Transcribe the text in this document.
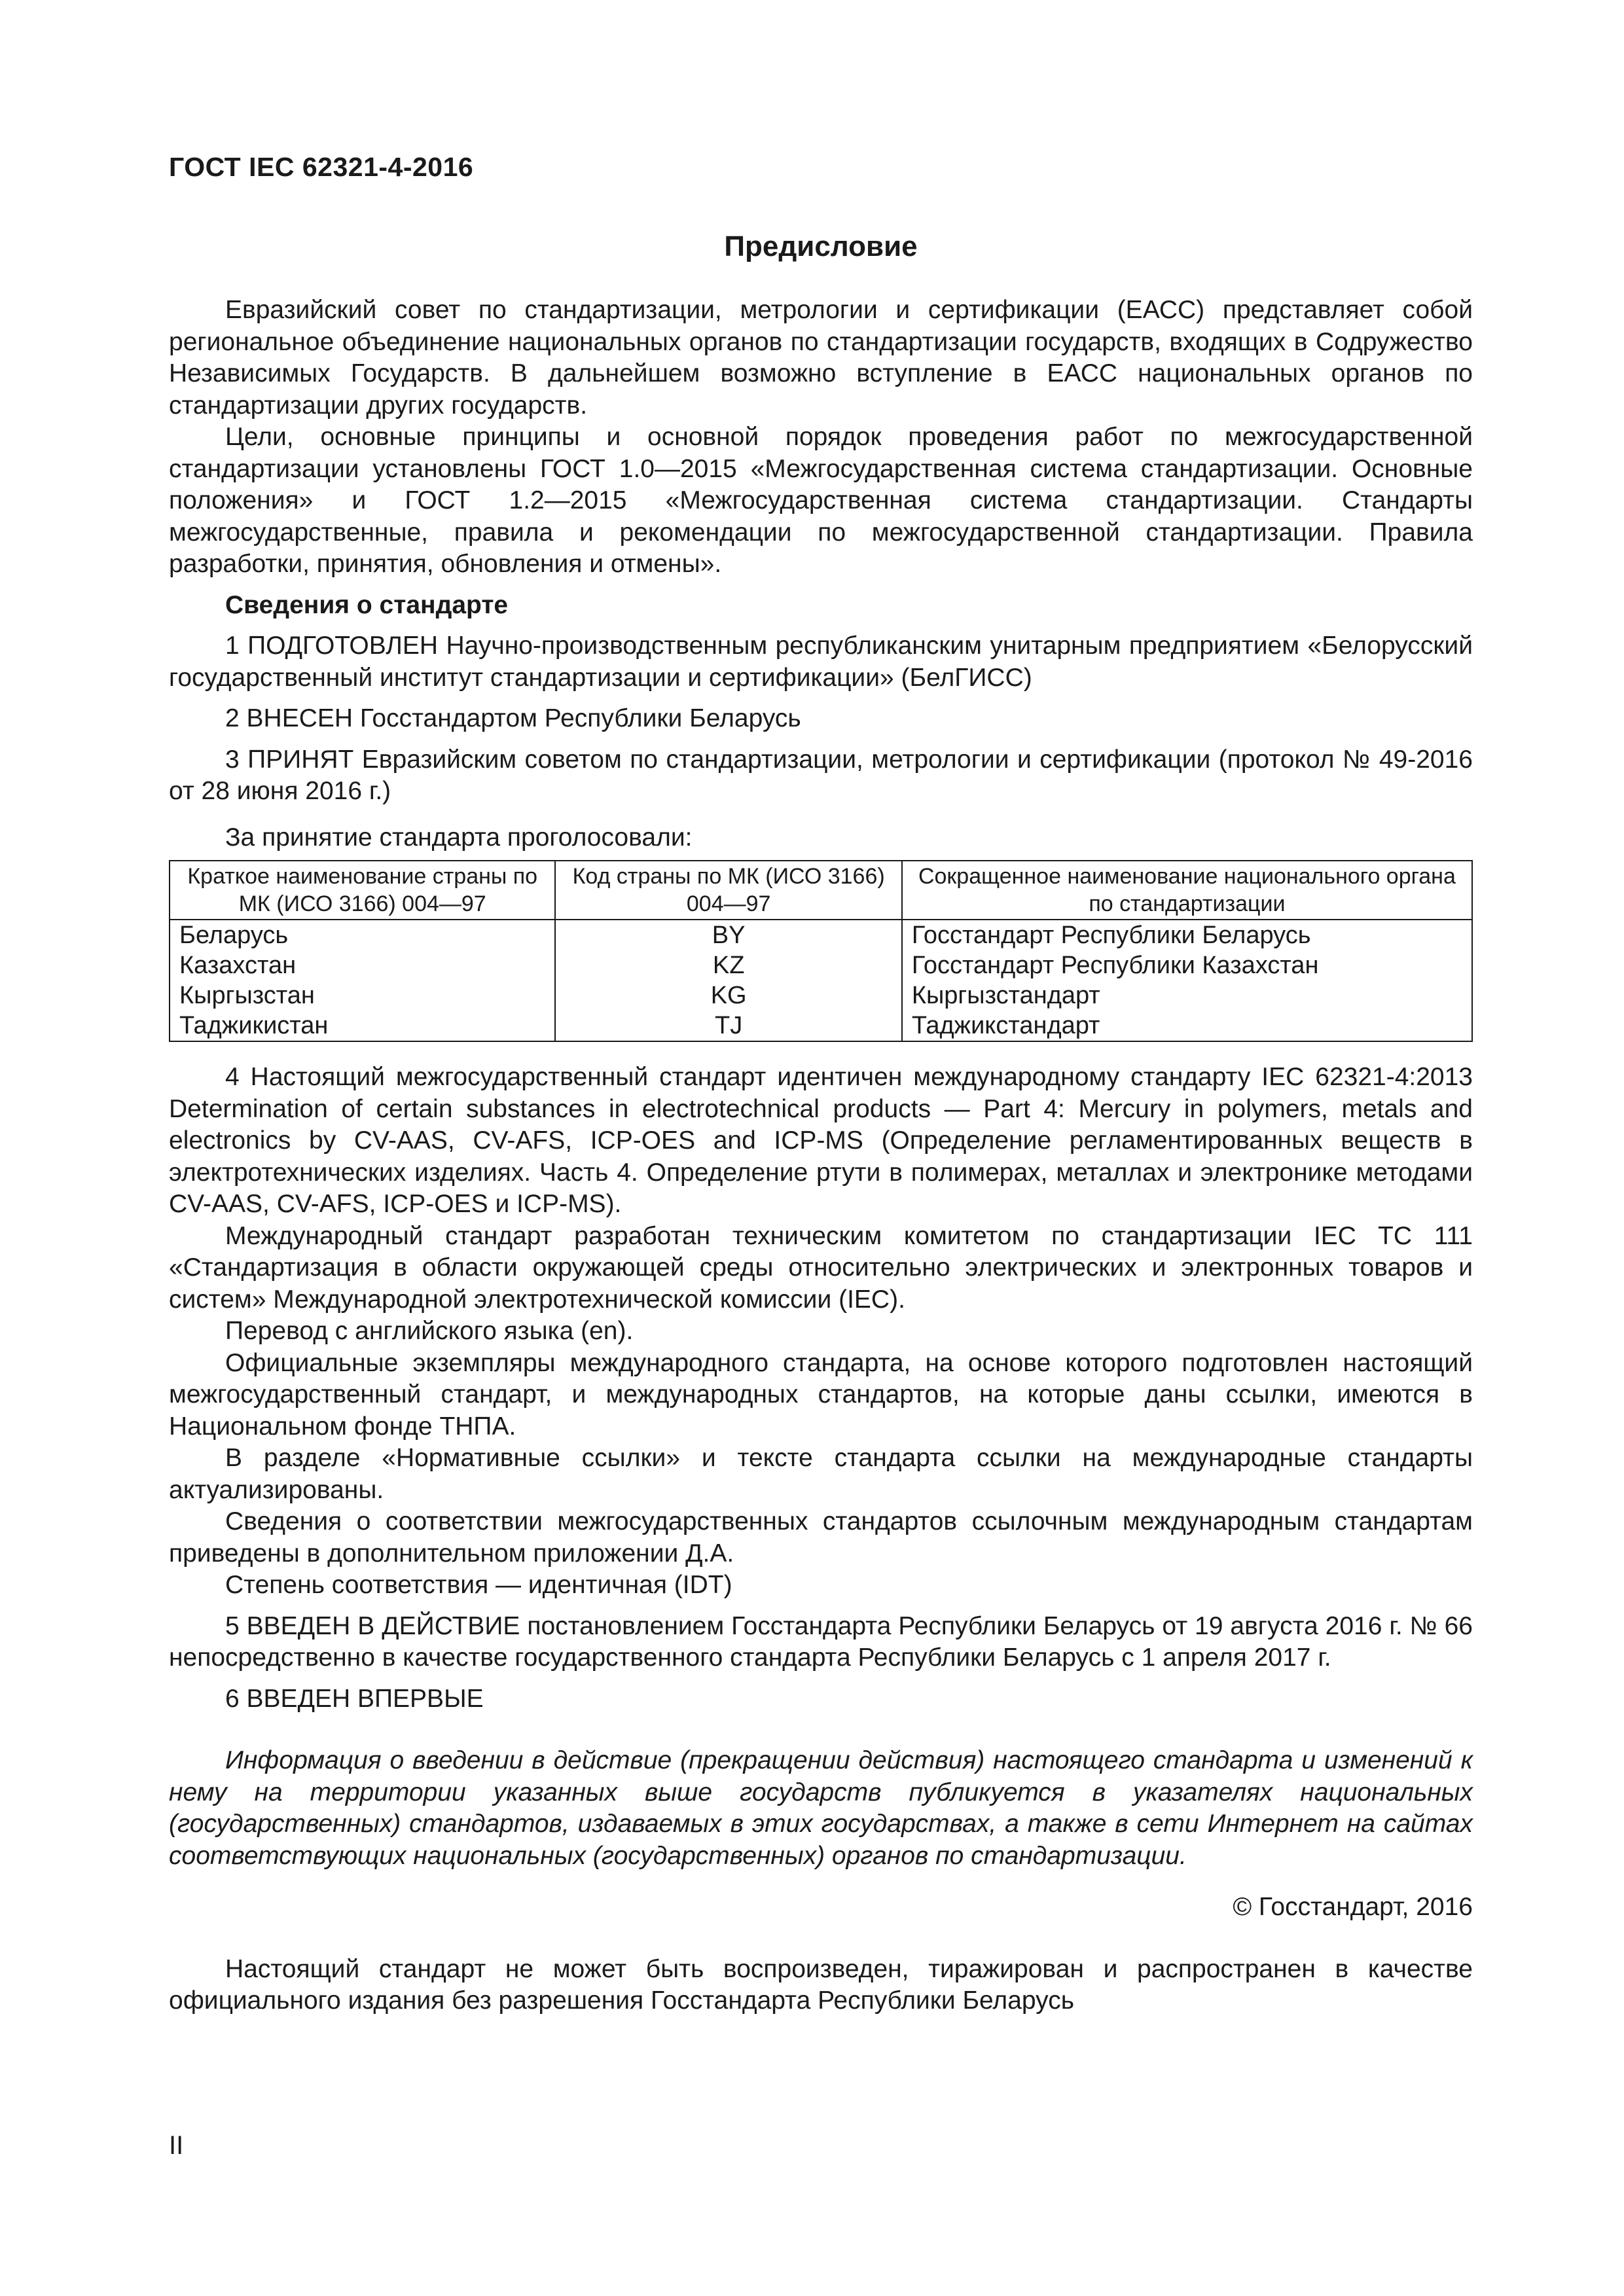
ГОСТ IEC 62321-4-2016
Предисловие

Евразийский совет по стандартизации, метрологии и сертификации (ЕАСС) представляет собой региональное объединение национальных органов по стандартизации государств, входящих в Содружество Независимых Государств. В дальнейшем возможно вступление в ЕАСС национальных органов по стандартизации других государств.

Цели, основные принципы и основной порядок проведения работ по межгосударственной стандартизации установлены ГОСТ 1.0—2015 «Межгосударственная система стандартизации. Основные положения» и ГОСТ 1.2—2015 «Межгосударственная система стандартизации. Стандарты межгосударственные, правила и рекомендации по межгосударственной стандартизации. Правила разработки, принятия, обновления и отмены».

Сведения о стандарте

1 ПОДГОТОВЛЕН Научно-производственным республиканским унитарным предприятием «Белорусский государственный институт стандартизации и сертификации» (БелГИСС)

2 ВНЕСЕН Госстандартом Республики Беларусь

3 ПРИНЯТ Евразийским советом по стандартизации, метрологии и сертификации (протокол № 49-2016 от 28 июня 2016 г.)

За принятие стандарта проголосовали:

Краткое наименование страны по МК (ИСО 3166) 004—97	Код страны по МК (ИСО 3166) 004—97	Сокращенное наименование национального органа по стандартизации
Беларусь	BY	Госстандарт Республики Беларусь
Казахстан	KZ	Госстандарт Республики Казахстан
Кыргызстан	KG	Кыргызстандарт
Таджикистан	TJ	Таджикстандарт

4 Настоящий межгосударственный стандарт идентичен международному стандарту IEC 62321-4:2013 Determination of certain substances in electrotechnical products — Part 4: Mercury in polymers, metals and electronics by CV-AAS, CV-AFS, ICP-OES and ICP-MS (Определение регламентированных веществ в электротехнических изделиях. Часть 4. Определение ртути в полимерах, металлах и электронике методами CV-AAS, CV-AFS, ICP-OES и ICP-MS).

Международный стандарт разработан техническим комитетом по стандартизации IEC TC 111 «Стандартизация в области окружающей среды относительно электрических и электронных товаров и систем» Международной электротехнической комиссии (IEC).

Перевод с английского языка (en).

Официальные экземпляры международного стандарта, на основе которого подготовлен настоящий межгосударственный стандарт, и международных стандартов, на которые даны ссылки, имеются в Национальном фонде ТНПА.

В разделе «Нормативные ссылки» и тексте стандарта ссылки на международные стандарты актуализированы.

Сведения о соответствии межгосударственных стандартов ссылочным международным стандартам приведены в дополнительном приложении Д.А.

Степень соответствия — идентичная (IDT)

5 ВВЕДЕН В ДЕЙСТВИЕ постановлением Госстандарта Республики Беларусь от 19 августа 2016 г. № 66 непосредственно в качестве государственного стандарта Республики Беларусь с 1 апреля 2017 г.

6 ВВЕДЕН ВПЕРВЫЕ

Информация о введении в действие (прекращении действия) настоящего стандарта и изменений к нему на территории указанных выше государств публикуется в указателях национальных (государственных) стандартов, издаваемых в этих государствах, а также в сети Интернет на сайтах соответствующих национальных (государственных) органов по стандартизации.

© Госстандарт, 2016

Настоящий стандарт не может быть воспроизведен, тиражирован и распространен в качестве официального издания без разрешения Госстандарта Республики Беларусь

II
